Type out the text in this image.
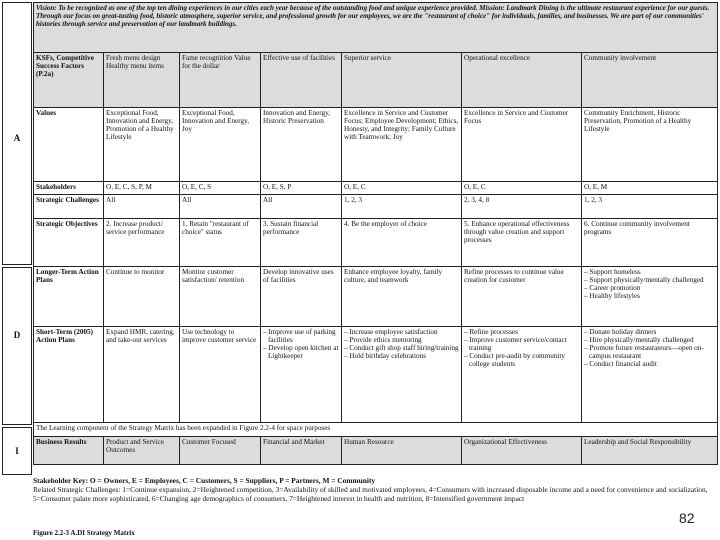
A
D
I
Vision: To be recognized as one of the top ten dining experiences in our cities each year because of the outstanding food and unique experience provided. Mission: Landmark Dining is the ultimate restaurant experience for our guests. Through our focus on great-tasting food, historic atmosphere, superior service, and professional growth for our employees, we are the "restaurant of choice" for individuals, families, and businesses. We are part of our communities' histories through service and preservation of our landmark buildings.						
KSFs, Competitive Success Factors (P.2a)	Fresh menu design Healthy menu items	Fame recognition Value for the dollar	Effective use of facilities	Superior service	Operational excellence	Community involvement
Values	Exceptional Food, Innovation and Energy, Promotion of a Healthy Lifestyle	Exceptional Food, Innovation and Energy, Joy	Innovation and Energy, Historic Preservation	Excellence in Service and Customer Focus; Employee Development; Ethics, Honesty, and Integrity; Family Culture with Teamwork; Joy	Excellence in Service and Customer Focus	Community Enrichment, Historic Preservation, Promotion of a Healthy Lifestyle
Stakeholders	O, E, C, S, P, M	O, E, C, S	O, E, S, P	O, E, C	O, E, C	O, E, M
Strategic Challenges	All	All	All	1, 2, 3	2, 3, 4, 8	1, 2, 3
Strategic Objectives	2. Increase product/ service performance	1. Retain "restaurant of choice" status	3. Sustain financial performance	4. Be the employer of choice	5. Enhance operational effectiveness through value creation and support processes	6. Continue community involvement programs
Longer-Term Action Plans	Continue to monitor	Monitor customer satisfaction/ retention	Develop innovative uses of facilities	Enhance employee loyalty, family culture, and teamwork	Refine processes to continue value creation for customer	– Support homeless
– Support physically/mentally challenged
– Career promotion
– Healthy lifestyles

Short-Term (2005) Action Plans	Expand HMR, catering, and take-out services	Use technology to improve customer service	– Improve use of parking facilities
– Develop open kitchen at Lightkeeper	– Increase employee satisfaction
– Provide ethics mentoring
– Conduct gift shop staff hiring/training
– Hold birthday celebrations	– Refine processes
– Improve customer service/contact training
– Conduct pre-audit by community college students	– Donate holiday dinners
– Hire physically/mentally challenged
– Promote future restaurateurs—open on-campus restaurant
– Conduct financial audit

The Learning component of the Strategy Matrix has been expanded in Figure 2.2-4 for space purposes						
Business Results	Product and Service Outcomes	Customer Focused	Financial and Market	Human Resource	Organizational Effectiveness	Leadership and Social Responsibility

Stakeholder Key: O = Owners, E = Employees, C = Customers, S = Suppliers, P = Partners, M = Community

Related Strategic Challenges: 1=Continue expansion, 2=Heightened competition, 3=Availability of skilled and motivated employees, 4=Consumers with increased disposable income and a need for convenience and socialization, 5=Consumer palate more sophisticated, 6=Changing age demographics of consumers, 7=Heightened interest in health and nutrition, 8=Intensified government impact

Figure 2.2-3 A.DI Strategy Matrix
82
